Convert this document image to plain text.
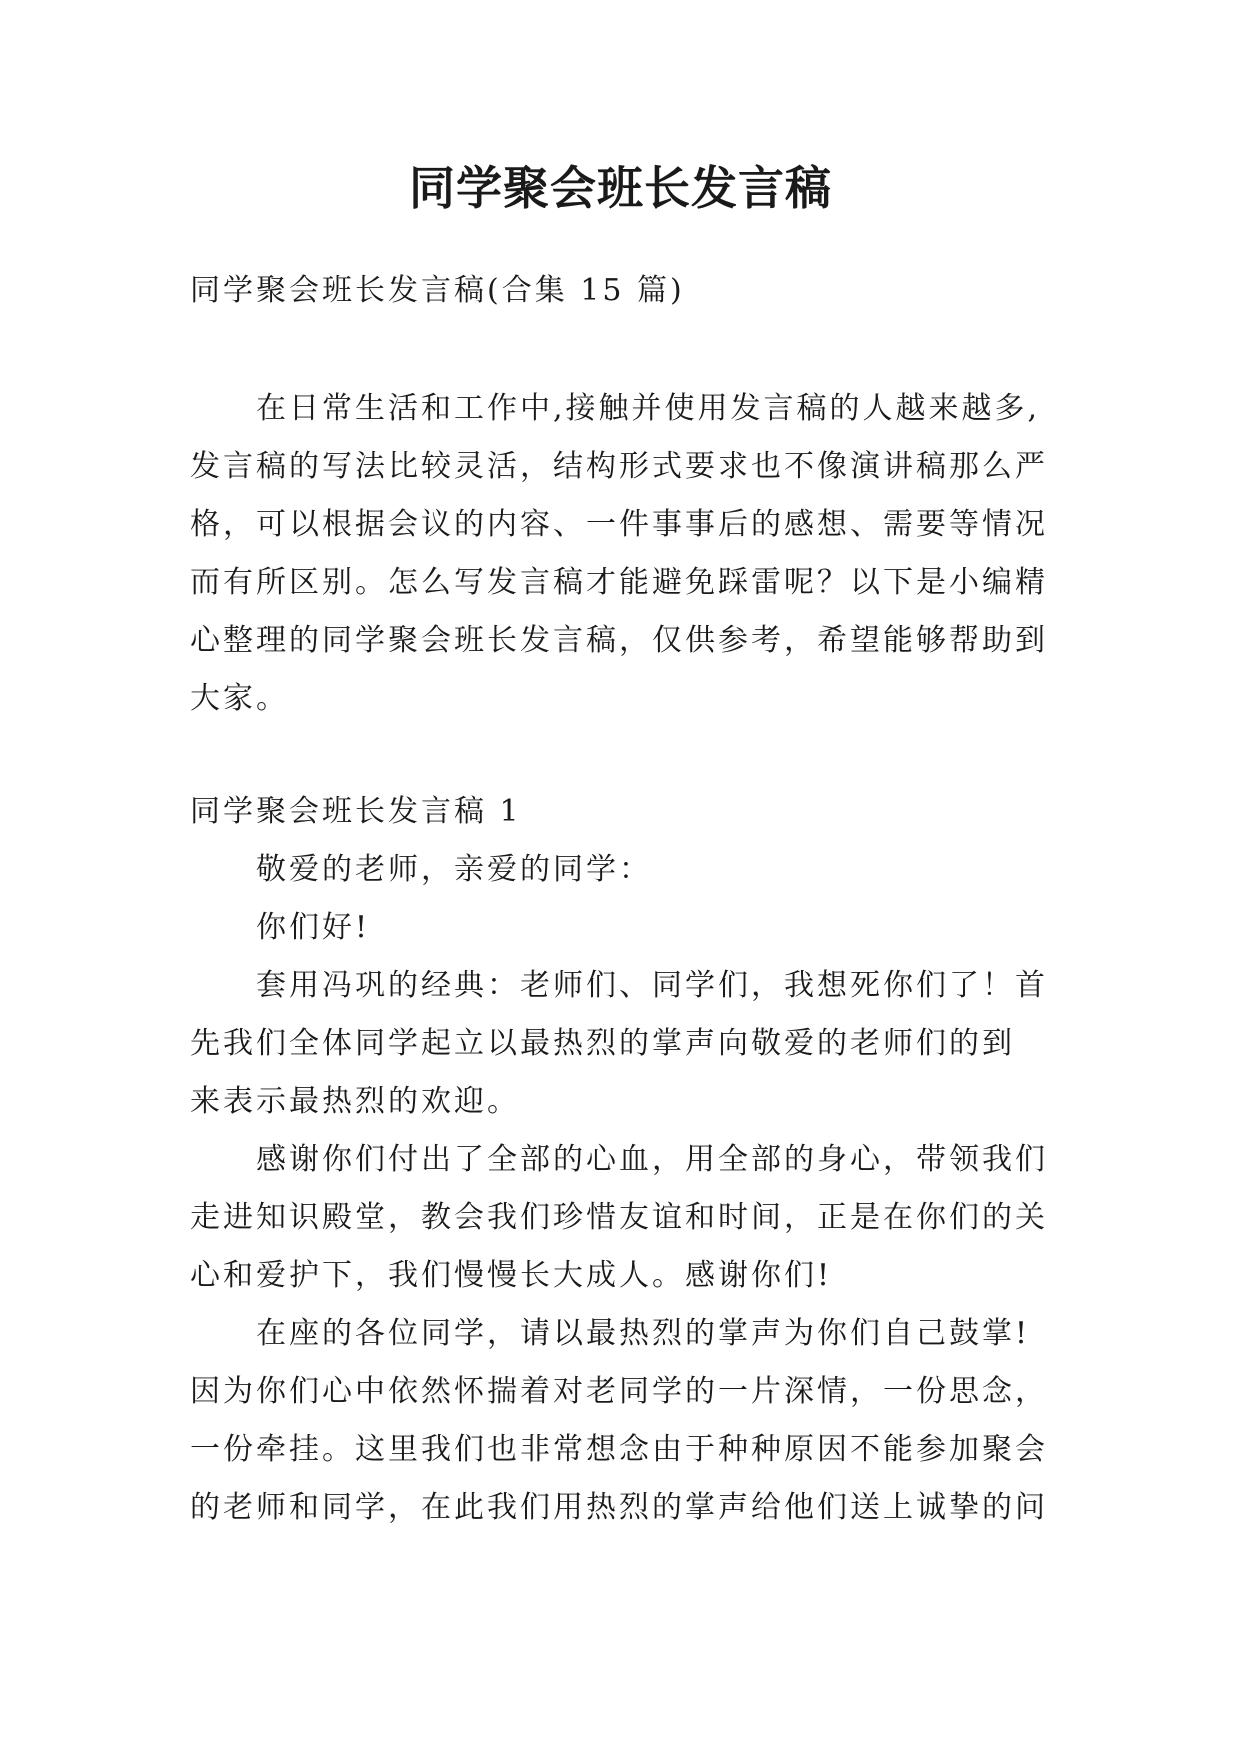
同学聚会班长发言稿
同学聚会班长发言稿(合集 15 篇)
在日常生活和工作中,接触并使用发言稿的人越来越多,
发言稿的写法比较灵活，结构形式要求也不像演讲稿那么严
格，可以根据会议的内容、一件事事后的感想、需要等情况
而有所区别。怎么写发言稿才能避免踩雷呢？以下是小编精
心整理的同学聚会班长发言稿，仅供参考，希望能够帮助到
大家。
同学聚会班长发言稿 1
敬爱的老师，亲爱的同学：
你们好!
套用冯巩的经典：老师们、同学们，我想死你们了！首
先我们全体同学起立以最热烈的掌声向敬爱的老师们的到
来表示最热烈的欢迎。
感谢你们付出了全部的心血，用全部的身心，带领我们
走进知识殿堂，教会我们珍惜友谊和时间，正是在你们的关
心和爱护下，我们慢慢长大成人。感谢你们!
在座的各位同学，请以最热烈的掌声为你们自己鼓掌!
因为你们心中依然怀揣着对老同学的一片深情，一份思念，
一份牵挂。这里我们也非常想念由于种种原因不能参加聚会
的老师和同学，在此我们用热烈的掌声给他们送上诚挚的问
